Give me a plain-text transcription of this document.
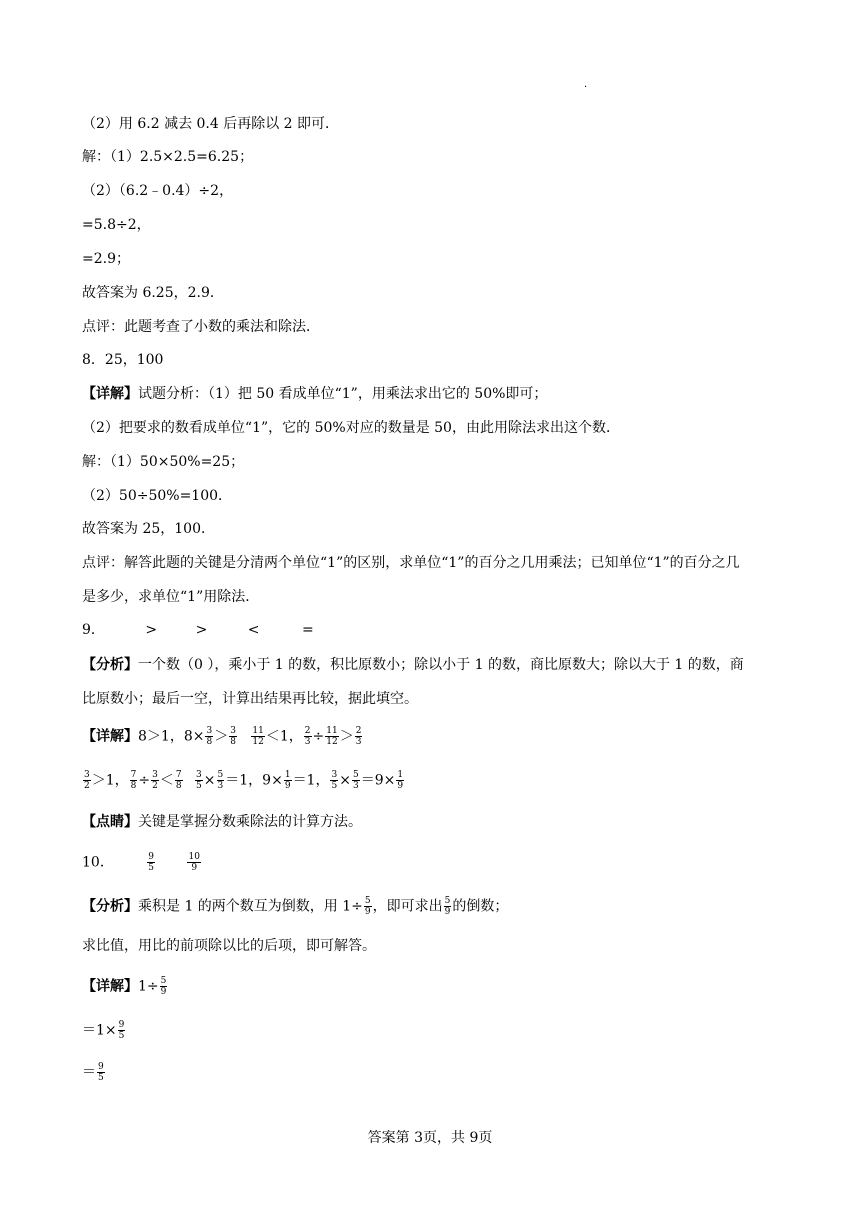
·
（2）用 6.2 减去 0.4 后再除以 2 即可．
解：（1）2.5×2.5=6.25；
（2）（6.2﹣0.4）÷2，
=5.8÷2，
=2.9；
故答案为 6.25，2.9．
点评：此题考查了小数的乘法和除法．
8．25，100
【详解】试题分析：（1）把 50 看成单位“1”，用乘法求出它的 50%即可；
（2）把要求的数看成单位“1”，它的 50%对应的数量是 50，由此用除法求出这个数．
解：（1）50×50%=25；
（2）50÷50%=100．
故答案为 25，100．
点评：解答此题的关键是分清两个单位“1”的区别，求单位“1”的百分之几用乘法；已知单位“1”的百分之几
是多少，求单位“1”用除法．
9．	>	>	<	=
【分析】一个数（0 ），乘小于 1 的数，积比原数小；除以小于 1 的数，商比原数大；除以大于 1 的数，商
比原数小；最后一空，计算出结果再比较，据此填空。
【详解】8＞1，$8\times \frac{3}{8} > \frac{3}{8}$
$\frac{11}{12} <1$， $\frac{2}{3} \div \frac{11}{12} > \frac{2}{3}$
$\frac{3}{2} >1$， $\frac{7}{8} \div \frac{3}{2} < \frac{7}{8}$
$\frac{3}{5} \times \frac{5}{3} =1$，$9\times \frac{1}{9} =1$， $\frac{3}{5} \times \frac{5}{3} =9\times \frac{1}{9}$
【点睛】关键是掌握分数乘除法的计算方法。
10．	$\frac{9}{5}$
	$\frac{10}{9}$
【分析】乘积是 1 的两个数互为倒数，用 $1\div \frac{5}{9}$ ，即可求出 $\frac{5}{9}$ 的倒数；
求比值，用比的前项除以比的后项，即可解答。
【详解】$1\div \frac{5}{9}$
$=1\times \frac{9}{5}$
＝ $\frac{9}{5}$
答案第 3页，共 9页
